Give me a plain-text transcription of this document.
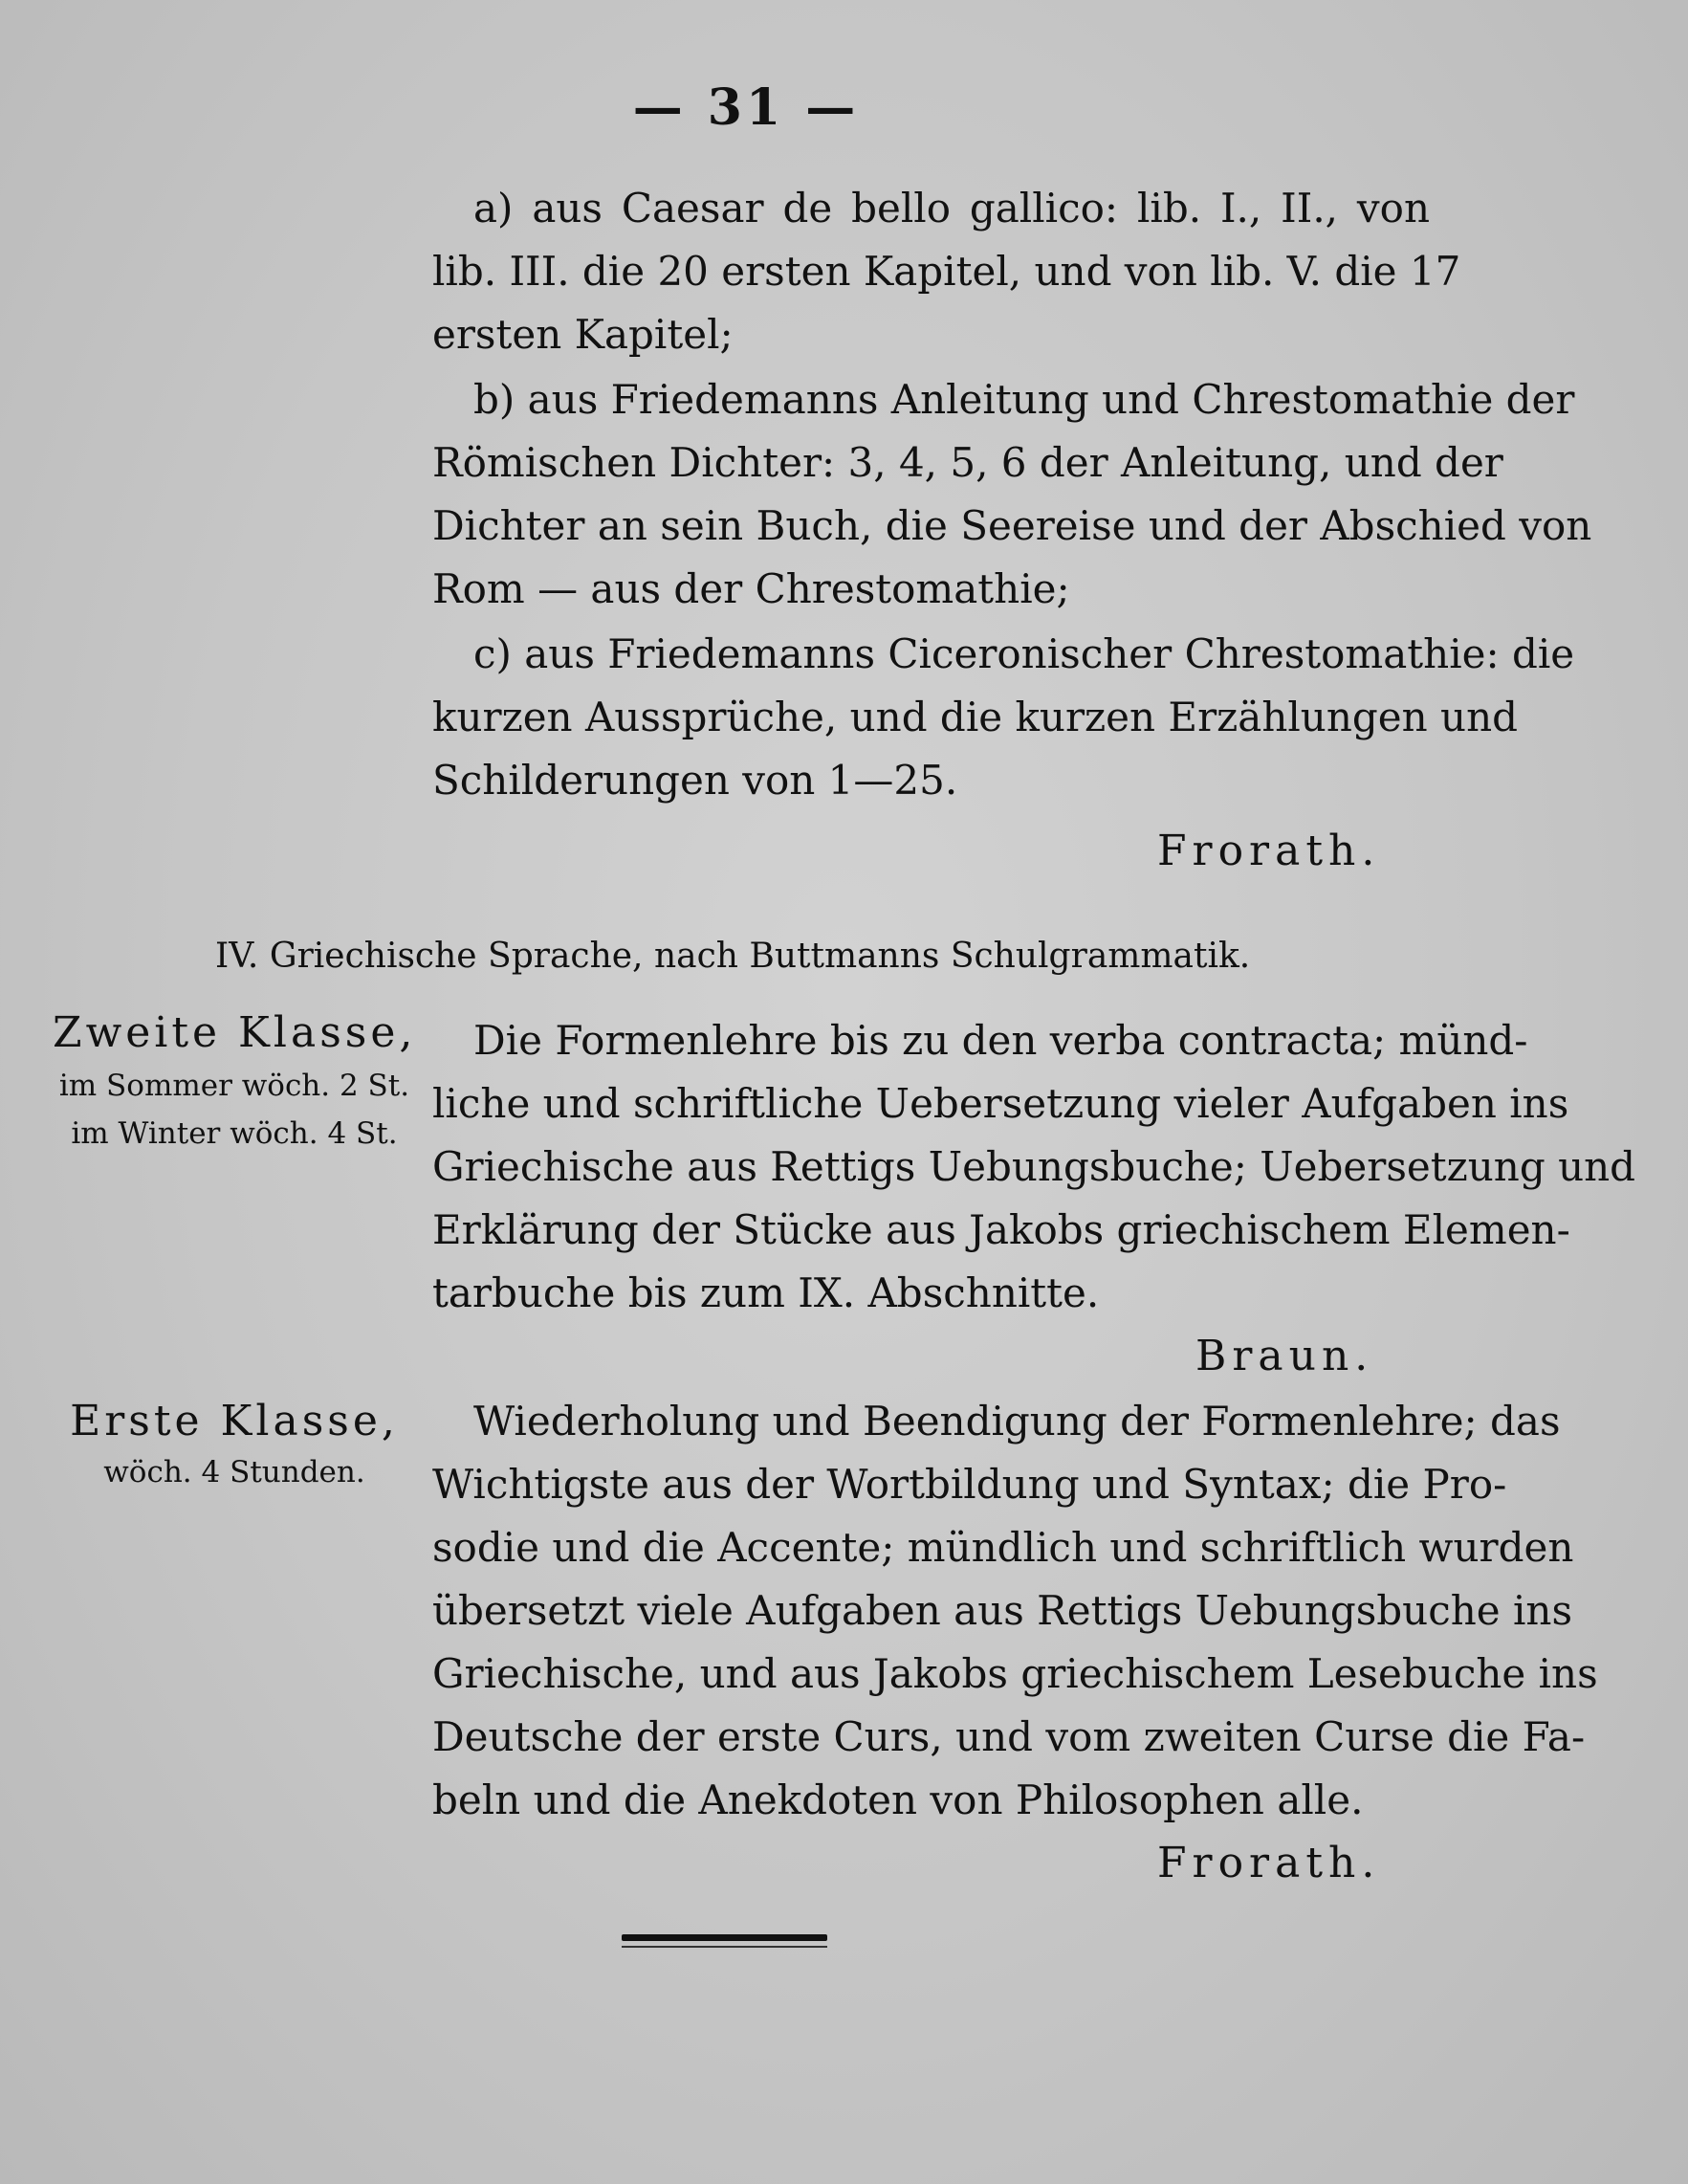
— 31 —
a) aus Caesar de bello gallico: lib. I., II., von
lib. III. die 20 ersten Kapitel, und von lib. V. die 17
ersten Kapitel;
b) aus Friedemanns Anleitung und Chrestomathie der
Römischen Dichter: 3, 4, 5, 6 der Anleitung, und der
Dichter an sein Buch, die Seereise und der Abschied von
Rom — aus der Chrestomathie;
c) aus Friedemanns Ciceronischer Chrestomathie: die
kurzen Aussprüche, und die kurzen Erzählungen und
Schilderungen von 1—25.
Frorath.
IV. Griechische Sprache, nach Buttmanns Schulgrammatik.
Zweite Klasse,
im Sommer wöch. 2 St.
im Winter wöch. 4 St.
Die Formenlehre bis zu den verba contracta; münd-
liche und schriftliche Uebersetzung vieler Aufgaben ins
Griechische aus Rettigs Uebungsbuche; Uebersetzung und
Erklärung der Stücke aus Jakobs griechischem Elemen-
tarbuche bis zum IX. Abschnitte.
Braun.
Erste Klasse,
wöch. 4 Stunden.
Wiederholung und Beendigung der Formenlehre; das
Wichtigste aus der Wortbildung und Syntax; die Pro-
sodie und die Accente; mündlich und schriftlich wurden
übersetzt viele Aufgaben aus Rettigs Uebungsbuche ins
Griechische, und aus Jakobs griechischem Lesebuche ins
Deutsche der erste Curs, und vom zweiten Curse die Fa-
beln und die Anekdoten von Philosophen alle.
Frorath.
